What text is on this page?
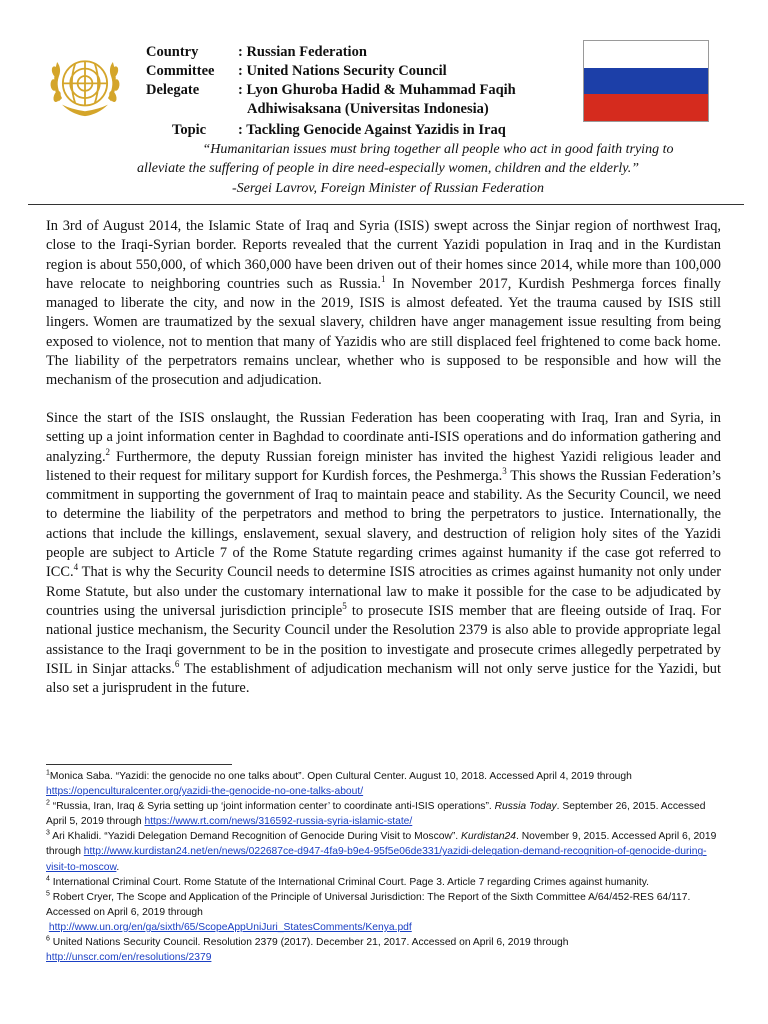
Country	: Russian Federation
Committee : United Nations Security Council
Delegate	: Lyon Ghuroba Hadid & Muhammad Faqih
Adhiwisaksana (Universitas Indonesia)
Topic : Tackling Genocide Against Yazidis in Iraq
“Humanitarian issues must bring together all people who act in good faith trying to
alleviate the suffering of people in dire need-especially women, children and the elderly.”
-Sergei Lavrov, Foreign Minister of Russian Federation

In 3rd of August 2014, the Islamic State of Iraq and Syria (ISIS) swept across the Sinjar region of northwest Iraq, close to the Iraqi-Syrian border. Reports revealed that the current Yazidi population in Iraq and in the Kurdistan region is about 550,000, of which 360,000 have been driven out of their homes since 2014, while more than 100,000 have relocate to neighboring countries such as Russia.$^1$ In November 2017, Kurdish Peshmerga forces finally managed to liberate the city, and now in the 2019, ISIS is almost defeated. Yet the trauma caused by ISIS still lingers. Women are traumatized by the sexual slavery, children have anger management issue resulting from being exposed to violence, not to mention that many of Yazidis who are still displaced feel frightened to come back home. The liability of the perpetrators remains unclear, whether who is supposed to be responsible and how will the mechanism of the prosecution and adjudication.

Since the start of the ISIS onslaught, the Russian Federation has been cooperating with Iraq, Iran and Syria, in setting up a joint information center in Baghdad to coordinate anti-ISIS operations and do information gathering and analyzing.$^2$ Furthermore, the deputy Russian foreign minister has invited the highest Yazidi religious leader and listened to their request for military support for Kurdish forces, the Peshmerga.$^3$ This shows the Russian Federation’s commitment in supporting the government of Iraq to maintain peace and stability. As the Security Council, we need to determine the liability of the perpetrators and method to bring the perpetrators to justice. Internationally, the actions that include the killings, enslavement, sexual slavery, and destruction of religion holy sites of the Yazidi people are subject to Article 7 of the Rome Statute regarding crimes against humanity if the case got referred to ICC.$^4$ That is why the Security Council needs to determine ISIS atrocities as crimes against humanity not only under Rome Statute, but also under the customary international law to make it possible for the case to be adjudicated by countries using the universal jurisdiction principle$^5$ to prosecute ISIS member that are fleeing outside of Iraq. For national justice mechanism, the Security Council under the Resolution 2379 is also able to provide appropriate legal assistance to the Iraqi government to be in the position to investigate and prosecute crimes allegedly perpetrated by ISIL in Sinjar attacks.$^6$ The establishment of adjudication mechanism will not only serve justice for the Yazidi, but also set a jurisprudent in the future.

$^1$Monica Saba. “Yazidi: the genocide no one talks about”. Open Cultural Center. August 10, 2018. Accessed April 4, 2019 through https://openculturalcenter.org/yazidi-the-genocide-no-one-talks-about/
$^2$ “Russia, Iran, Iraq & Syria setting up ‘joint information center’ to coordinate anti-ISIS operations”. Russia Today. September 26, 2015. Accessed April 5, 2019 through https://www.rt.com/news/316592-russia-syria-islamic-state/
$^3$ Ari Khalidi. “Yazidi Delegation Demand Recognition of Genocide During Visit to Moscow”. Kurdistan24. November 9, 2015. Accessed April 6, 2019 through http://www.kurdistan24.net/en/news/022687ce-d947-4fa9-b9e4-95f5e06de331/yazidi-delegation-demand-recognition-of-genocide-during-visit-to-moscow.
$^4$ International Criminal Court. Rome Statute of the International Criminal Court. Page 3. Article 7 regarding Crimes against humanity.
$^5$ Robert Cryer, The Scope and Application of the Principle of Universal Jurisdiction: The Report of the Sixth Committee A/64/452-RES 64/117. Accessed on April 6, 2019 through
http://www.un.org/en/ga/sixth/65/ScopeAppUniJuri_StatesComments/Kenya.pdf
$^6$ United Nations Security Council. Resolution 2379 (2017). December 21, 2017. Accessed on April 6, 2019 through
http://unscr.com/en/resolutions/2379
